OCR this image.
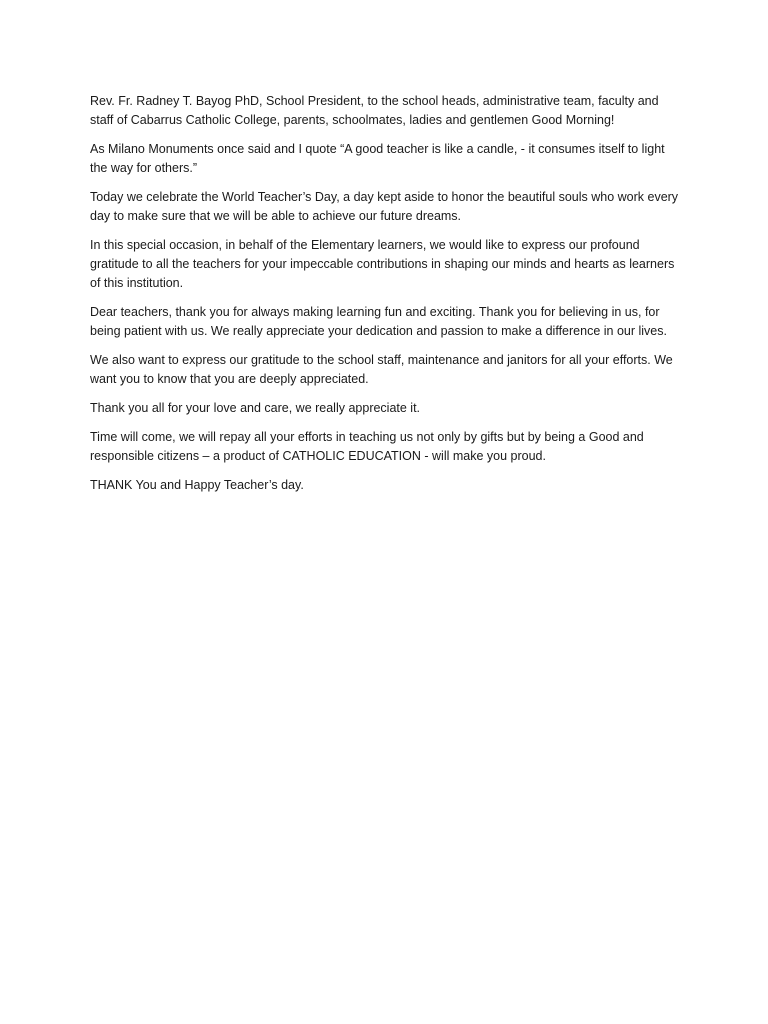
Rev. Fr. Radney T. Bayog PhD, School President, to the school heads, administrative team, faculty and staff of Cabarrus Catholic College, parents, schoolmates, ladies and gentlemen Good Morning!

As Milano Monuments once said and I quote “A good teacher is like a candle, - it consumes itself to light the way for others.”

Today we celebrate the World Teacher’s Day, a day kept aside to honor the beautiful souls who work every day to make sure that we will be able to achieve our future dreams.

In this special occasion, in behalf of the Elementary learners, we would like to express our profound gratitude to all the teachers for your impeccable contributions in shaping our minds and hearts as learners of this institution.

Dear teachers, thank you for always making learning fun and exciting. Thank you for believing in us, for being patient with us. We really appreciate your dedication and passion to make a difference in our lives.

We also want to express our gratitude to the school staff, maintenance and janitors for all your efforts. We want you to know that you are deeply appreciated.

Thank you all for your love and care, we really appreciate it.

Time will come, we will repay all your efforts in teaching us not only by gifts but by being a Good and responsible citizens – a product of CATHOLIC EDUCATION - will make you proud.

THANK You and Happy Teacher’s day.
